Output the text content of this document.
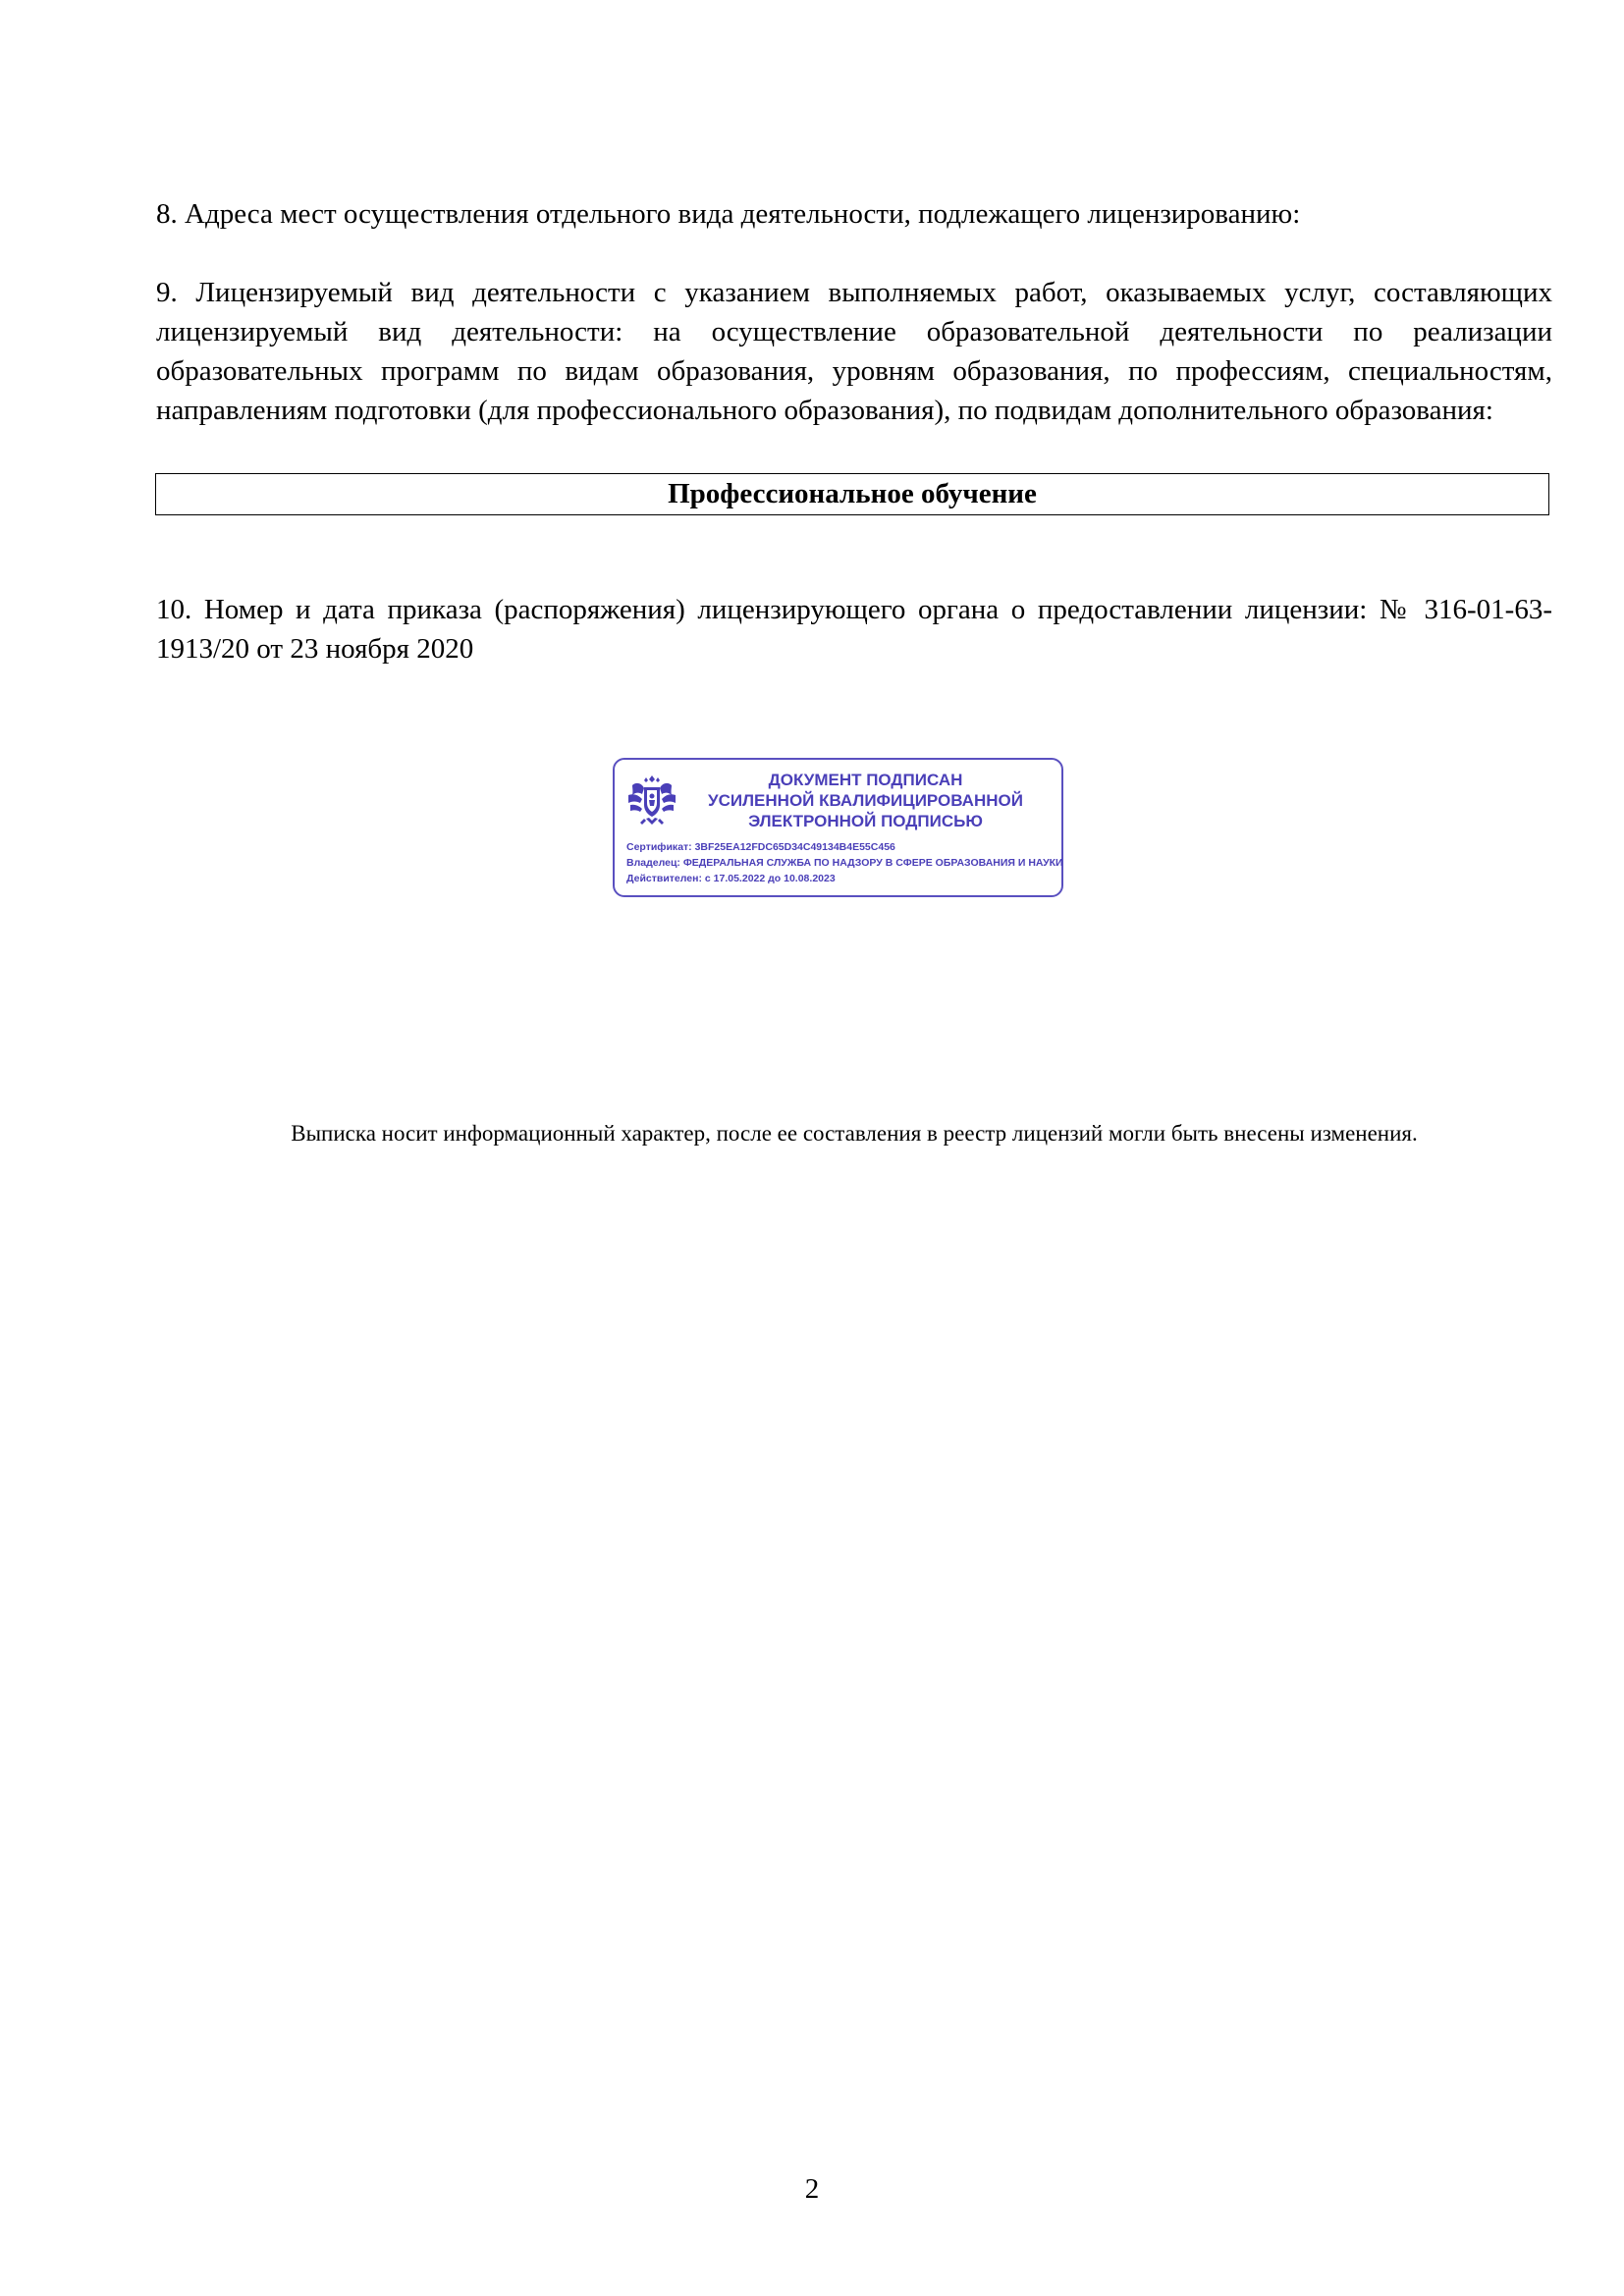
8. Адреса мест осуществления отдельного вида деятельности, подлежащего лицензированию:
9. Лицензируемый вид деятельности с указанием выполняемых работ, оказываемых услуг, составляющих лицензируемый вид деятельности: на осуществление образовательной деятельности по реализации образовательных программ по видам образования, уровням образования, по профессиям, специальностям, направлениям подготовки (для профессионального образования), по подвидам дополнительного образования:
Профессиональное обучение
10. Номер и дата приказа (распоряжения) лицензирующего органа о предоставлении лицензии: № 316-01-63-1913/20 от 23 ноября 2020
ДОКУМЕНТ ПОДПИСАН
УСИЛЕННОЙ КВАЛИФИЦИРОВАННОЙ
ЭЛЕКТРОННОЙ ПОДПИСЬЮ
Сертификат: 3BF25EA12FDC65D34C49134B4E55C456
Владелец: ФЕДЕРАЛЬНАЯ СЛУЖБА ПО НАДЗОРУ В СФЕРЕ ОБРАЗОВАНИЯ И НАУКИ
Действителен: с 17.05.2022 до 10.08.2023
Выписка носит информационный характер, после ее составления в реестр лицензий могли быть внесены изменения.
2
